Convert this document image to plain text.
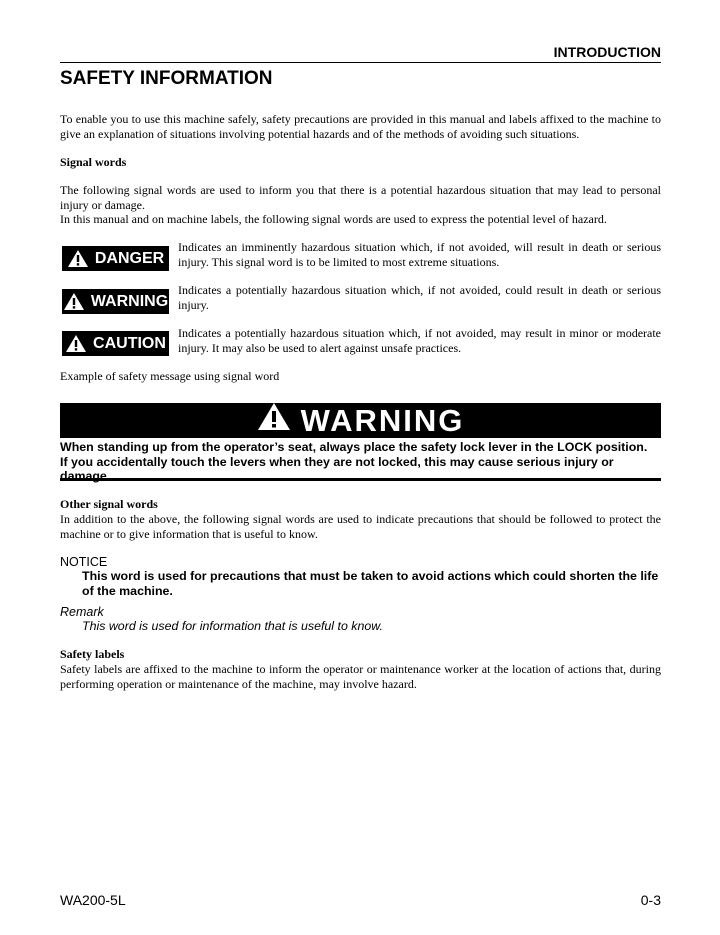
INTRODUCTION
SAFETY INFORMATION
To enable you to use this machine safely, safety precautions are provided in this manual and labels affixed to the machine to give an explanation of situations involving potential hazards and of the methods of avoiding such situations.
Signal words
The following signal words are used to inform you that there is a potential hazardous situation that may lead to personal injury or damage.
In this manual and on machine labels, the following signal words are used to express the potential level of hazard.
DANGER
Indicates an imminently hazardous situation which, if not avoided, will result in death or serious injury. This signal word is to be limited to most extreme situations.
WARNING
Indicates a potentially hazardous situation which, if not avoided, could result in death or serious injury.
CAUTION
Indicates a potentially hazardous situation which, if not avoided, may result in minor or moderate injury. It may also be used to alert against unsafe practices.
Example of safety message using signal word
WARNING
When standing up from the operator’s seat, always place the safety lock lever in the LOCK position.
If you accidentally touch the levers when they are not locked, this may cause serious injury or damage.
Other signal words
In addition to the above, the following signal words are used to indicate precautions that should be followed to protect the machine or to give information that is useful to know.
NOTICE
This word is used for precautions that must be taken to avoid actions which could shorten the life of the machine.
Remark
This word is used for information that is useful to know.
Safety labels
Safety labels are affixed to the machine to inform the operator or maintenance worker at the location of actions that, during performing operation or maintenance of the machine, may involve hazard.
WA200-5L	0-3
